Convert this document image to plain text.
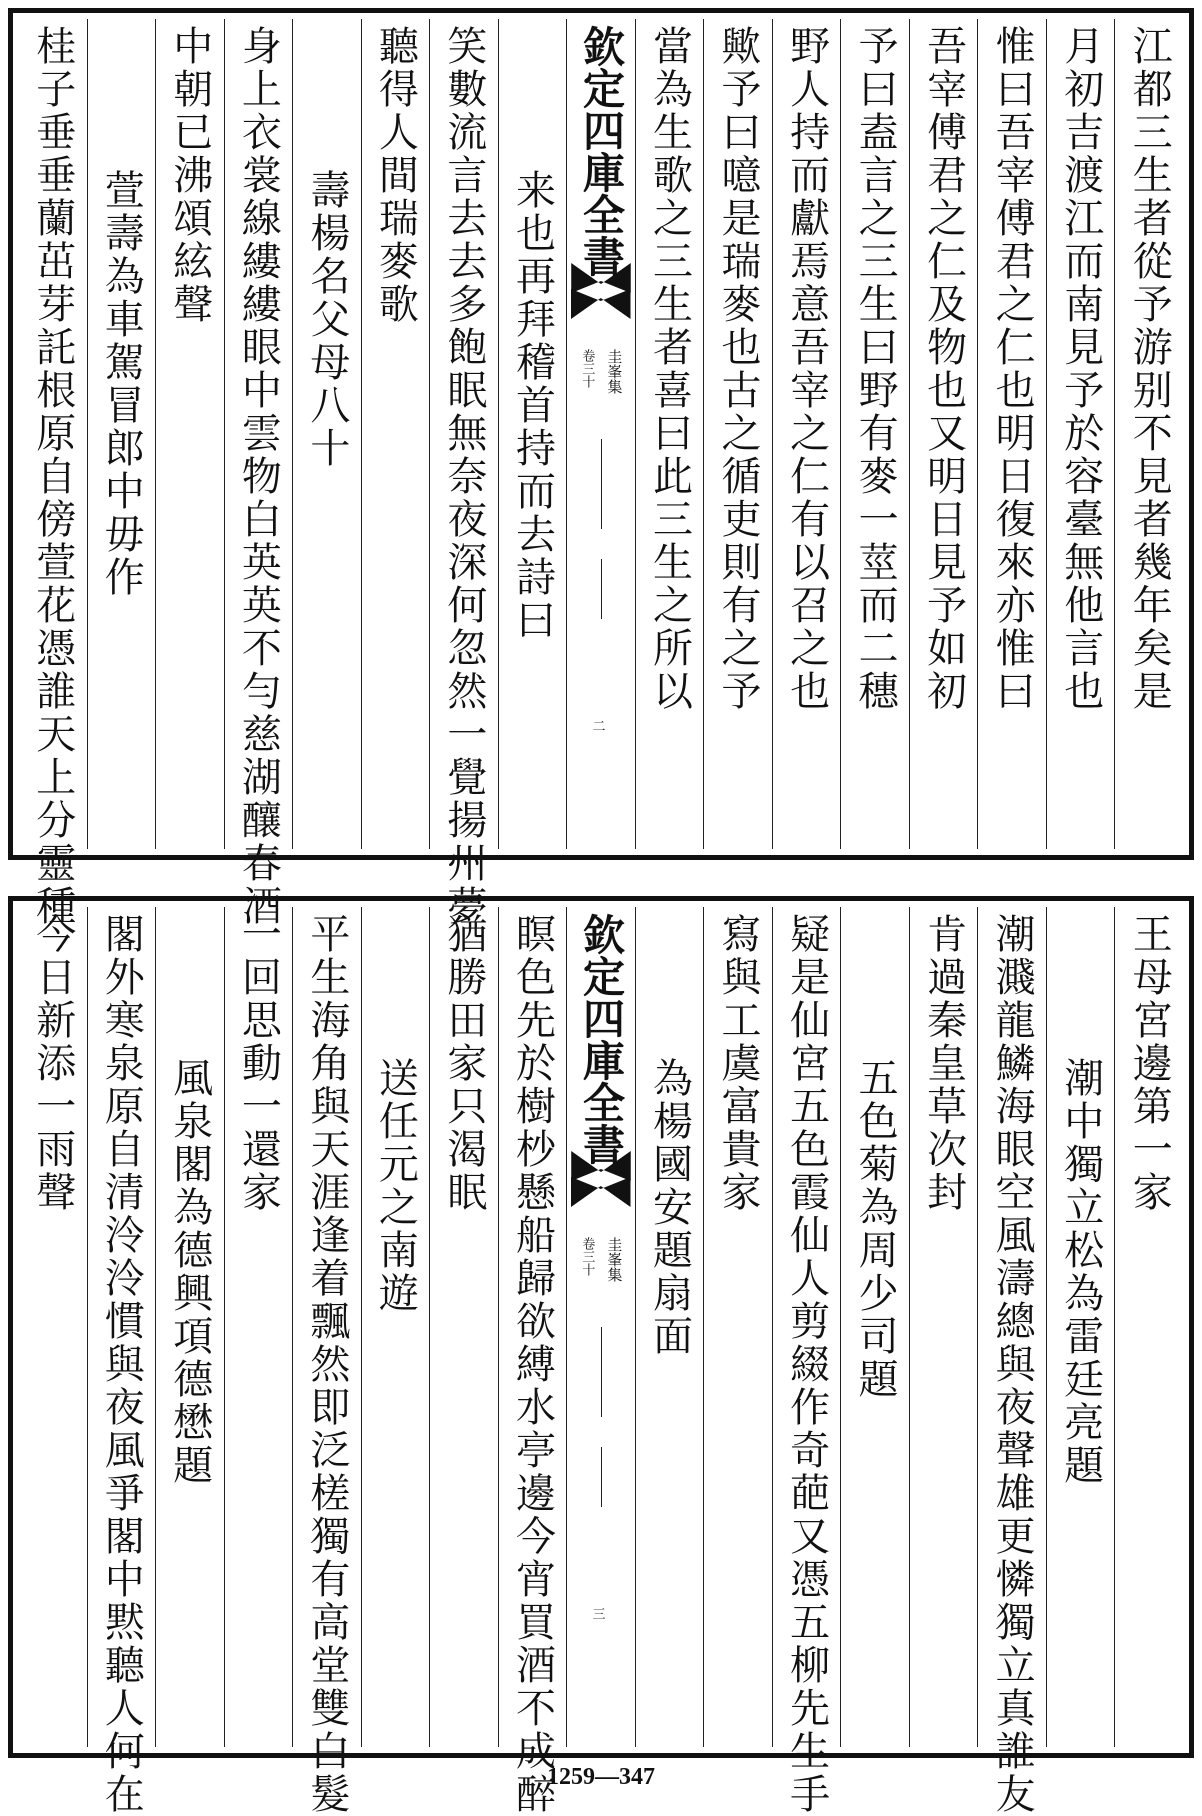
江都三生者從予游别不見者幾年矣是
月初吉渡江而南見予於容臺無他言也
惟曰吾宰傅君之仁也明日復來亦惟曰
吾宰傅君之仁及物也又明日見予如初
予曰盍言之三生曰野有麥一莖而二穗
野人持而獻焉意吾宰之仁有以召之也
歟予曰噫是瑞麥也古之循吏則有之予
當為生歌之三生者喜曰此三生之所以
欽定四庫全書
圭峯集
卷三十
二
来也再拜稽首持而去詩曰
笑數流言去去多飽眠無奈夜深何忽然一覺揚州夢
聽得人間瑞麥歌
壽楊名父母八十
身上衣裳線縷縷眼中雲物白英英不勻慈湖釀春酒
中朝已沸頌絃聲
萱壽為車駕冒郎中毋作
桂子垂垂蘭茁芽託根原自傍萱花憑誰天上分靈種
王母宮邊第一家
潮中獨立松為雷廷亮題
潮濺龍鱗海眼空風濤總與夜聲雄更憐獨立真誰友
肯過秦皇草次封
五色菊為周少司題
疑是仙宮五色霞仙人剪綴作奇葩又憑五柳先生手
寫與工虞富貴家
為楊國安題扇面
欽定四庫全書
圭峯集
卷三十
三
瞑色先於樹杪懸船歸欲縛水亭邊今宵買酒不成醉
猶勝田家只渴眠
送任元之南遊
平生海角與天涯逢着飄然即泛槎獨有高堂雙白髮
一回思動一還家
風泉閣為德興項德懋題
閣外寒泉原自清泠泠慣與夜風爭閣中黙聽人何在
今日新添一雨聲
1259—347
